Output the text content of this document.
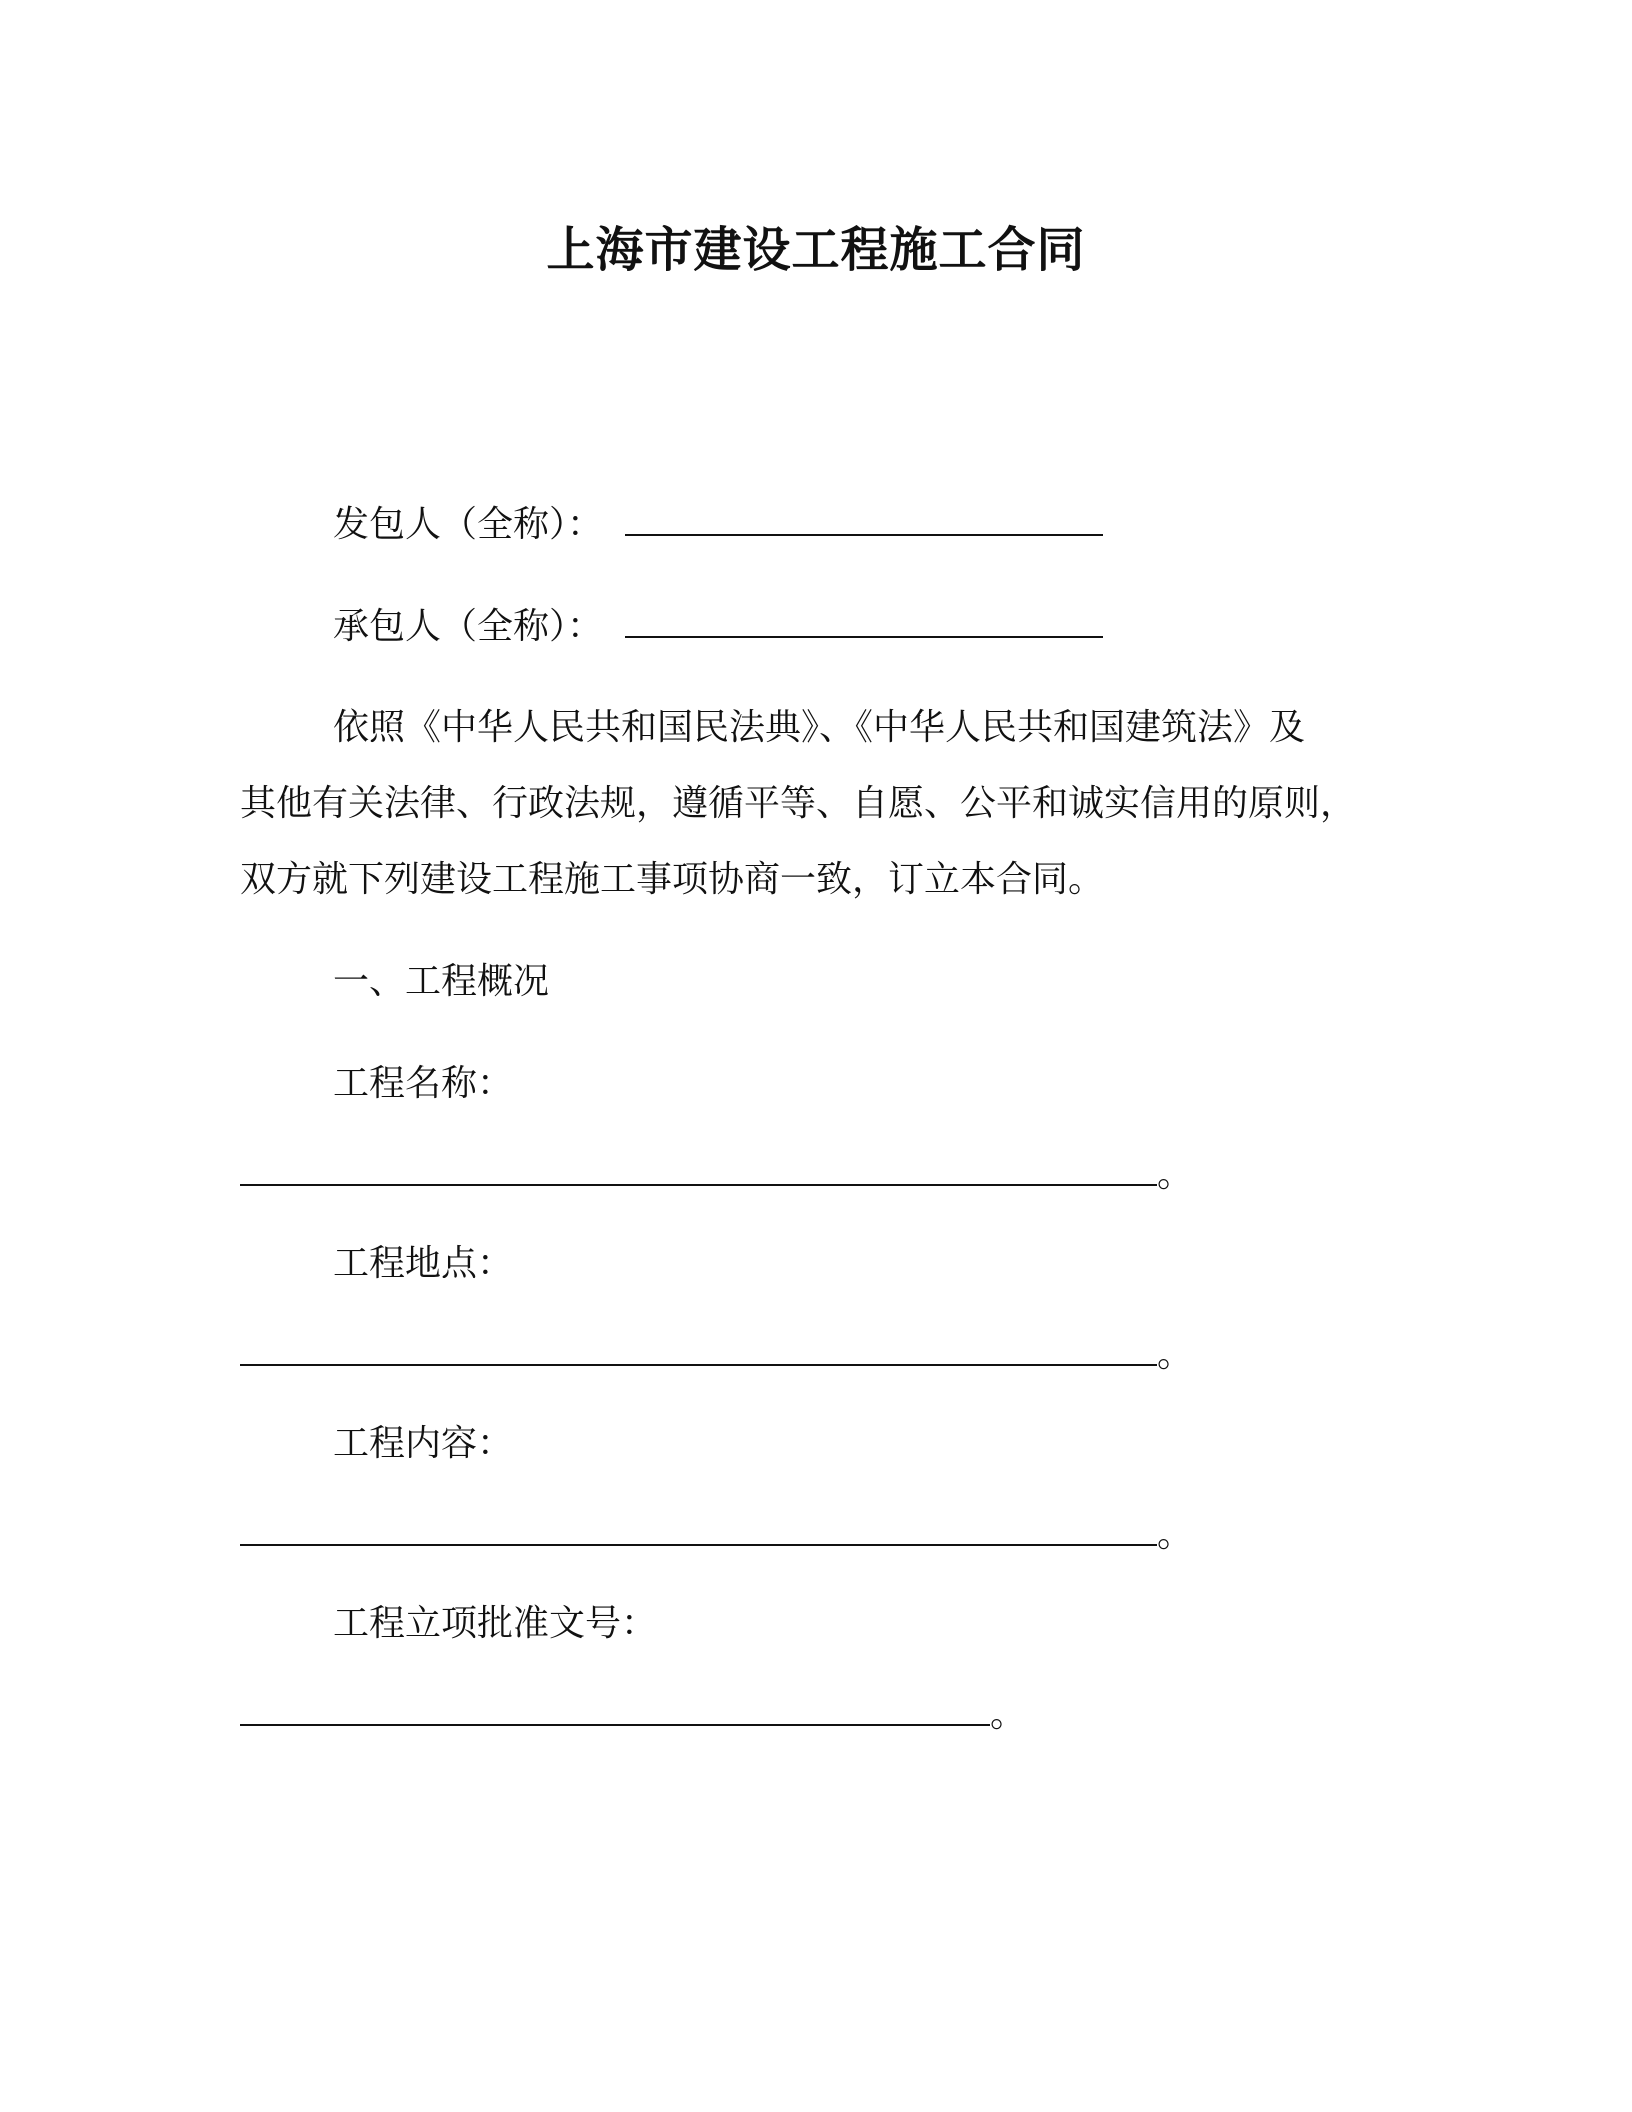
上海市建设工程施工合同
发包人（全称）：
承包人（全称）：
依照《中华人民共和国民法典》、《中华人民共和国建筑法》及
其他有关法律、行政法规，遵循平等、自愿、公平和诚实信用的原则，
双方就下列建设工程施工事项协商一致，订立本合同。
一、工程概况
工程名称：
。
工程地点：
。
工程内容：
。
工程立项批准文号：
。
